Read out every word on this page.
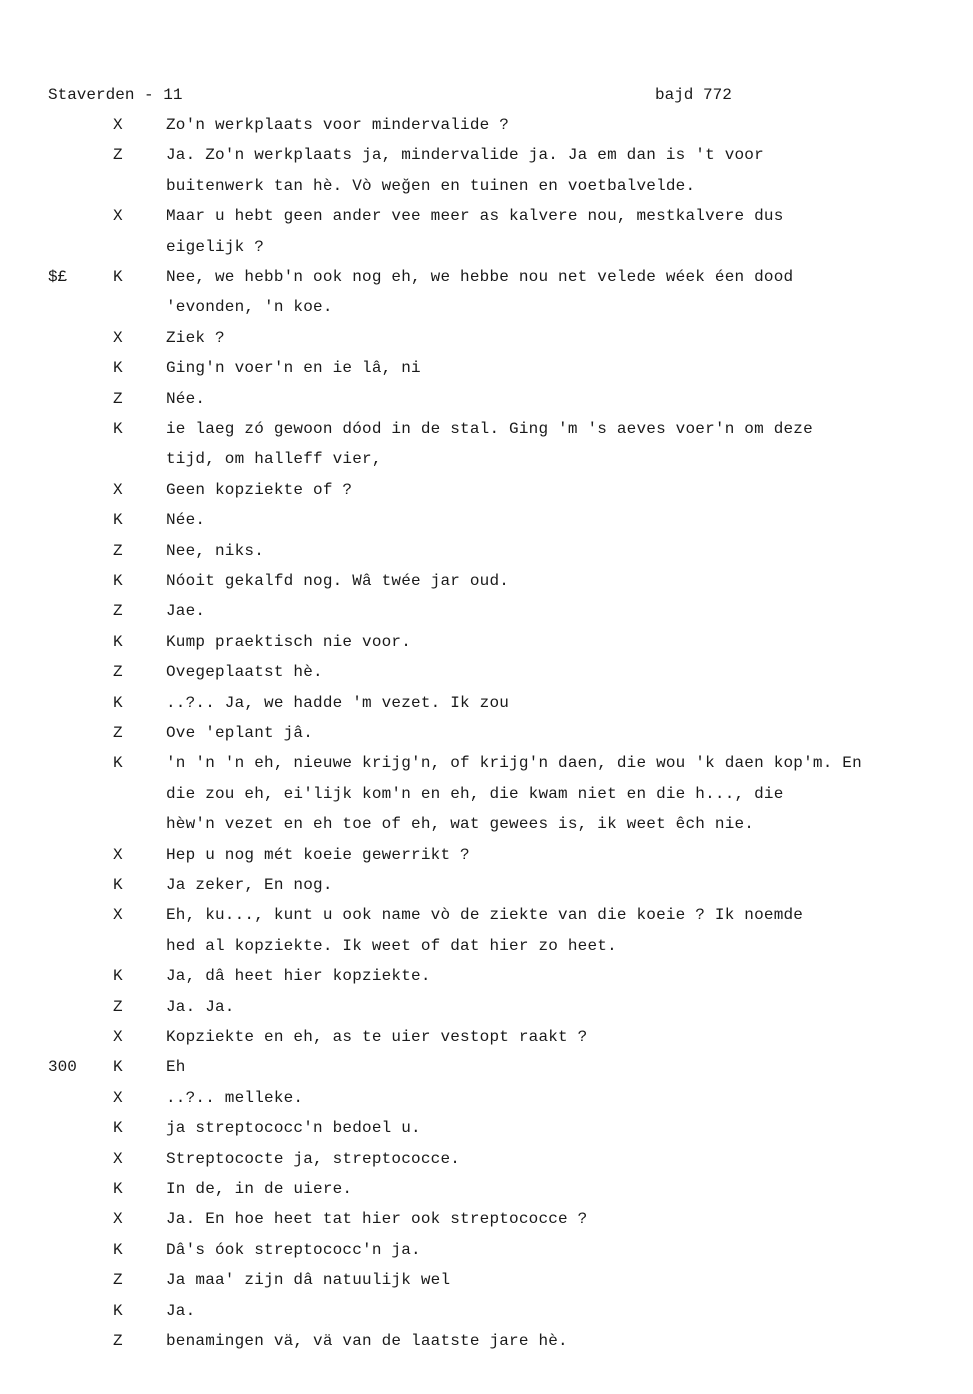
Staverden - 11	bajd 772
X	Zo'n werkplaats voor mindervalide ?
Z	Ja. Zo'n werkplaats ja, mindervalide ja. Ja em dan is 't voor
buitenwerk tan hè. Vò weğen en tuinen en voetbalvelde.
X	Maar u hebt geen ander vee meer as kalvere nou, mestkalvere dus
eigelijk ?
$£	K	Nee, we hebb'n ook nog eh, we hebbe nou net velede wéek éen dood
'evonden, 'n koe.
X	Ziek ?
K	Ging'n voer'n en ie lâ, ni
Z	Née.
K	ie laeg zó gewoon dóod in de stal. Ging 'm 's aeves voer'n om deze
tijd, om halleff vier,
X	Geen kopziekte of ?
K	Née.
Z	Nee, niks.
K	Nóoit gekalfd nog. Wâ twée jar oud.
Z	Jae.
K	Kump praektisch nie voor.
Z	Ovegeplaatst hè.
K	..?.. Ja, we hadde 'm vezet. Ik zou
Z	Ove 'eplant jâ.
K	'n 'n 'n eh, nieuwe krijg'n, of krijg'n daen, die wou 'k daen kop'm. En
die zou eh, ei'lijk kom'n en eh, die kwam niet en die h..., die
hèw'n vezet en eh toe of eh, wat gewees is, ik weet êch nie.
X	Hep u nog mét koeie gewerrikt ?
K	Ja zeker, En nog.
X	Eh, ku..., kunt u ook name vò de ziekte van die koeie ? Ik noemde
hed al kopziekte. Ik weet of dat hier zo heet.
K	Ja, dâ heet hier kopziekte.
Z	Ja. Ja.
X	Kopziekte en eh, as te uier vestopt raakt ?
300	K	Eh
X	..?.. melleke.
K	ja streptococc'n bedoel u.
X	Streptococte ja, streptococce.
K	In de, in de uiere.
X	Ja. En hoe heet tat hier ook streptococce ?
K	Dâ's óok streptococc'n ja.
Z	Ja maa' zijn dâ natuulijk wel
K	Ja.
Z	benamingen vä, vä van de laatste jare hè.
